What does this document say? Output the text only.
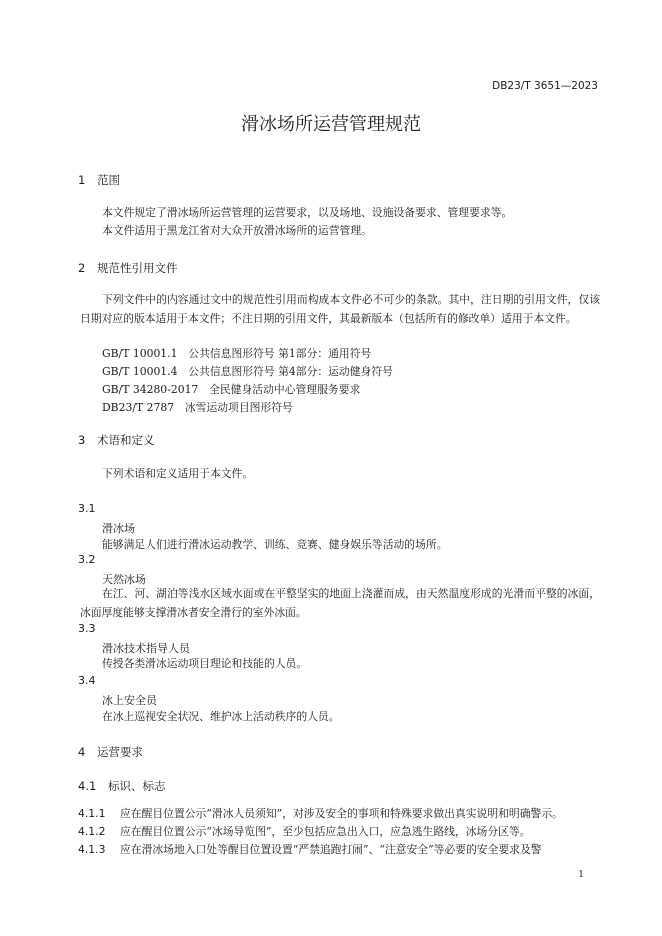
DB23/T 3651—2023
滑冰场所运营管理规范
1 范围
本文件规定了滑冰场所运营管理的运营要求，以及场地、设施设备要求、管理要求等。
本文件适用于黑龙江省对大众开放滑冰场所的运营管理。
2 规范性引用文件
下列文件中的内容通过文中的规范性引用而构成本文件必不可少的条款。其中，注日期的引用文件，仅该日期对应的版本适用于本文件；不注日期的引用文件，其最新版本（包括所有的修改单）适用于本文件。
GB/T 10001.1　公共信息图形符号 第1部分：通用符号
GB/T 10001.4　公共信息图形符号 第4部分：运动健身符号
GB/T 34280-2017　全民健身活动中心管理服务要求
DB23/T 2787　冰雪运动项目图形符号
3 术语和定义
下列术语和定义适用于本文件。
3.1
滑冰场
能够满足人们进行滑冰运动教学、训练、竞赛、健身娱乐等活动的场所。
3.2
天然冰场
在江、河、湖泊等浅水区域水面或在平整坚实的地面上浇灌而成，由天然温度形成的光滑而平整的冰面，冰面厚度能够支撑滑冰者安全滑行的室外冰面。
3.3
滑冰技术指导人员
传授各类滑冰运动项目理论和技能的人员。
3.4
冰上安全员
在冰上巡视安全状况、维护冰上活动秩序的人员。
4 运营要求
4.1 标识、标志
4.1.1 应在醒目位置公示“滑冰人员须知”，对涉及安全的事项和特殊要求做出真实说明和明确警示。
4.1.2 应在醒目位置公示“冰场导览图”，至少包括应急出入口，应急逃生路线，冰场分区等。
4.1.3 应在滑冰场地入口处等醒目位置设置“严禁追跑打闹”、“注意安全”等必要的安全要求及警
1
